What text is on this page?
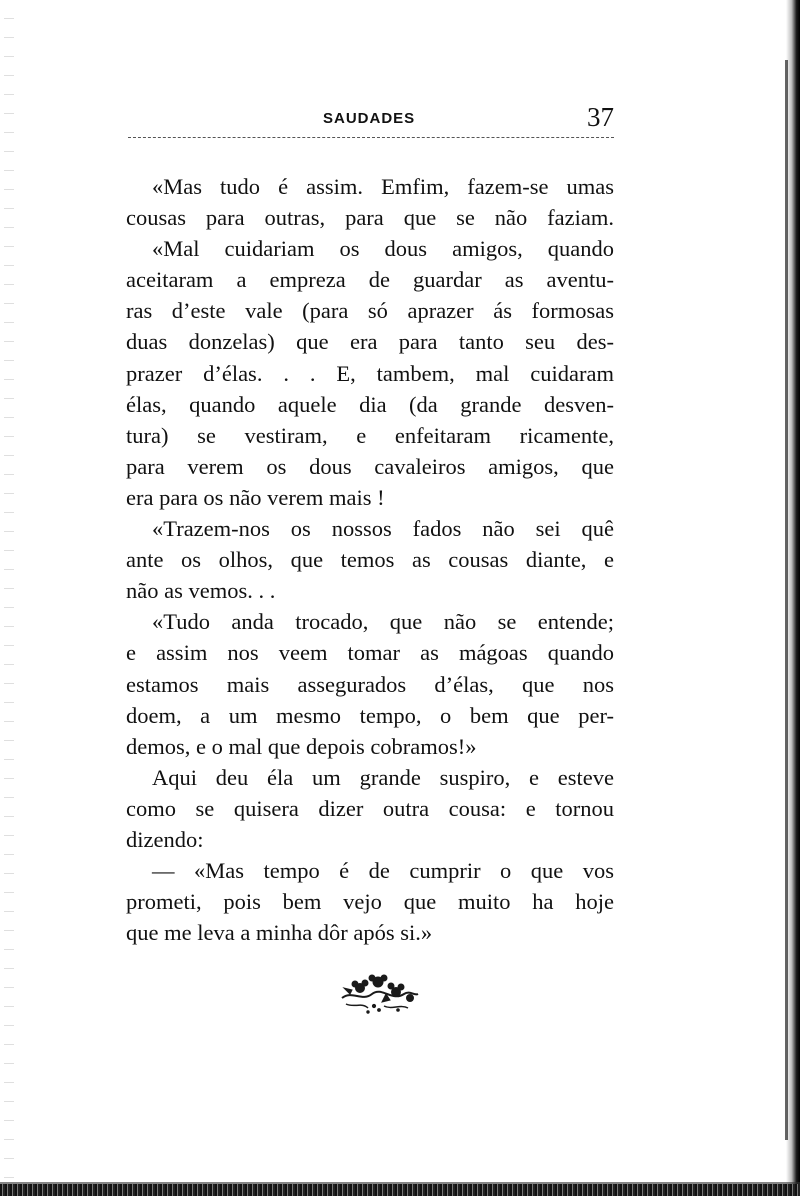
SAUDADES	37
«Mas tudo é assim. Emfim, fazem-se umas
cousas para outras, para que se não faziam.
«Mal cuidariam os dous amigos, quando
aceitaram a empreza de guardar as aventu-
ras d’este vale (para só aprazer ás formosas
duas donzelas) que era para tanto seu des-
prazer d’élas. . . E, tambem, mal cuidaram
élas, quando aquele dia (da grande desven-
tura) se vestiram, e enfeitaram ricamente,
para verem os dous cavaleiros amigos, que
era para os não verem mais !
«Trazem-nos os nossos fados não sei quê
ante os olhos, que temos as cousas diante, e
não as vemos. . .
«Tudo anda trocado, que não se entende;
e assim nos veem tomar as mágoas quando
estamos mais assegurados d’élas, que nos
doem, a um mesmo tempo, o bem que per-
demos, e o mal que depois cobramos!»
Aqui deu éla um grande suspiro, e esteve
como se quisera dizer outra cousa: e tornou
dizendo:
— «Mas tempo é de cumprir o que vos
prometi, pois bem vejo que muito ha hoje
que me leva a minha dôr após si.»
